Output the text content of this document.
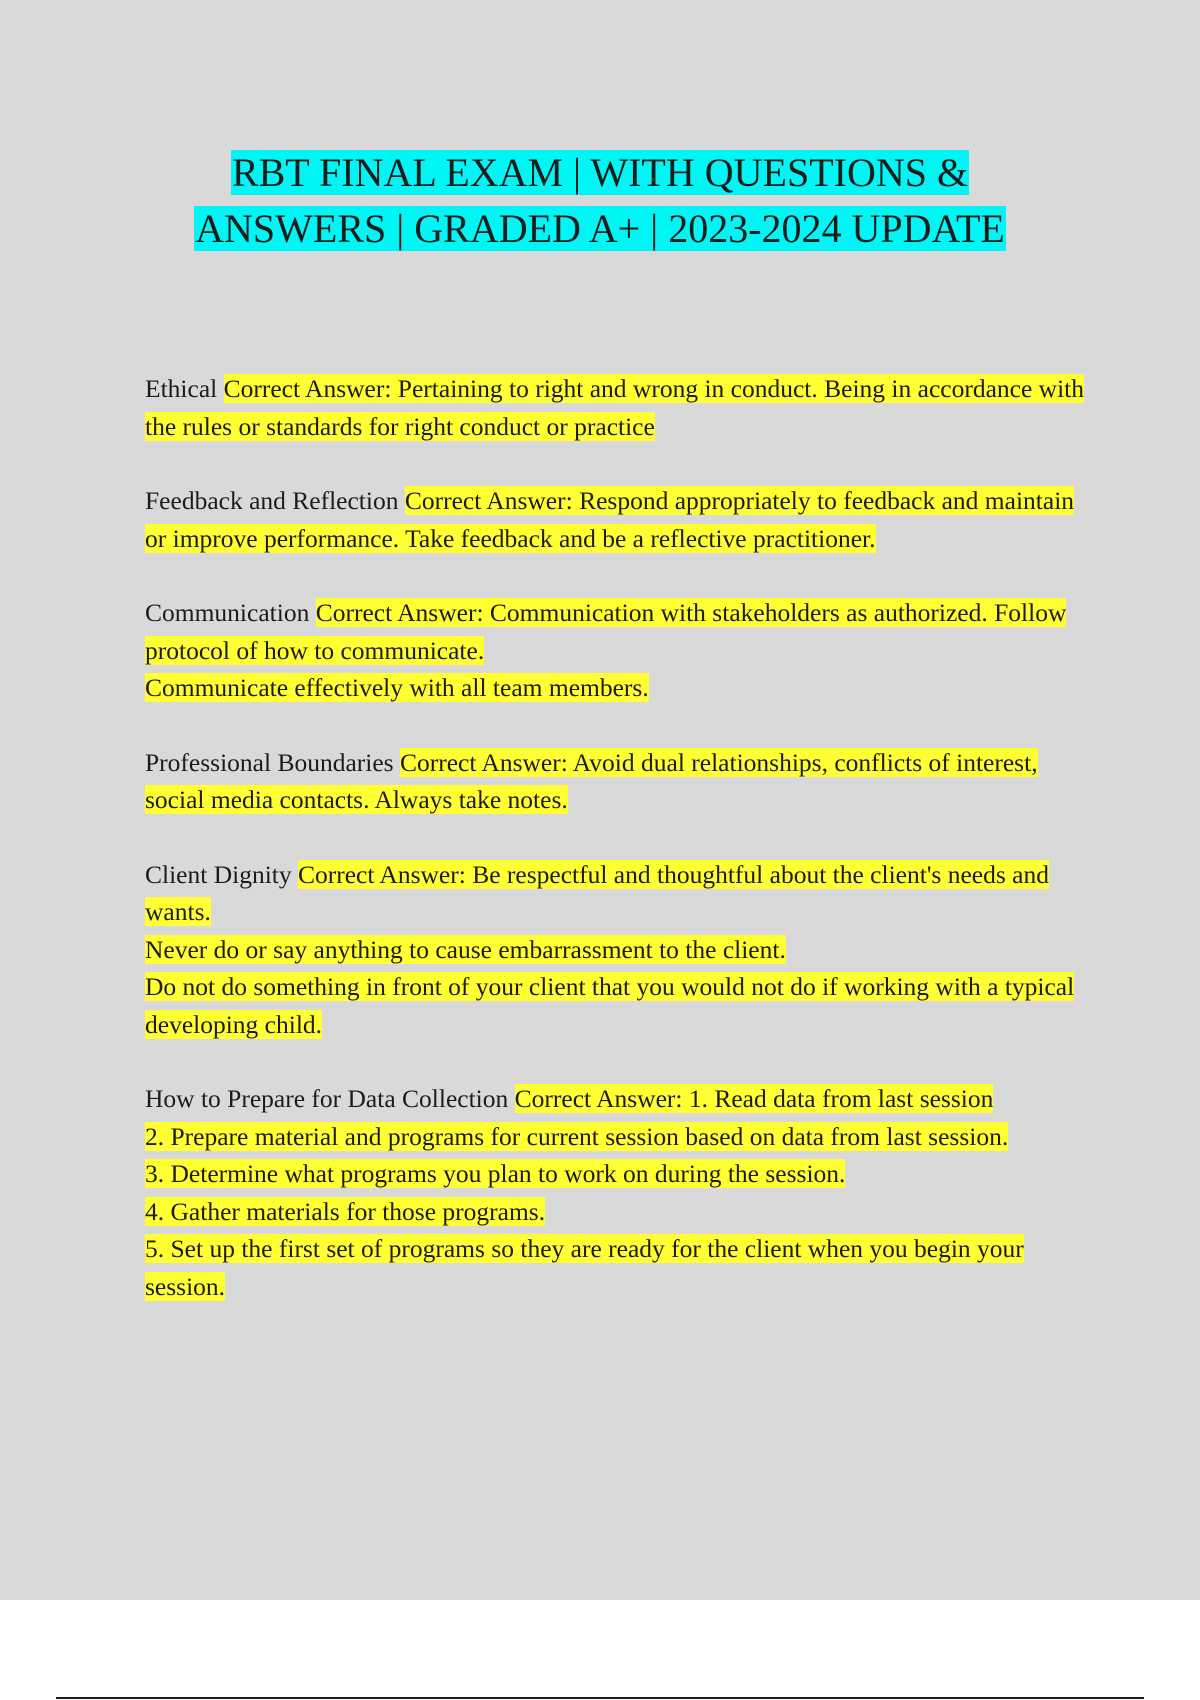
RBT FINAL EXAM | WITH QUESTIONS &
ANSWERS | GRADED A+ | 2023-2024 UPDATE

Ethical Correct Answer: Pertaining to right and wrong in conduct. Being in accordance with the rules or standards for right conduct or practice

Feedback and Reflection Correct Answer: Respond appropriately to feedback and maintain or improve performance. Take feedback and be a reflective practitioner.

Communication Correct Answer: Communication with stakeholders as authorized. Follow protocol of how to communicate.
Communicate effectively with all team members.

Professional Boundaries Correct Answer: Avoid dual relationships, conflicts of interest, social media contacts. Always take notes.

Client Dignity Correct Answer: Be respectful and thoughtful about the client's needs and wants.
Never do or say anything to cause embarrassment to the client.
Do not do something in front of your client that you would not do if working with a typical developing child.

How to Prepare for Data Collection Correct Answer: 1. Read data from last session
2. Prepare material and programs for current session based on data from last session.
3. Determine what programs you plan to work on during the session.
4. Gather materials for those programs.
5. Set up the first set of programs so they are ready for the client when you begin your session.
